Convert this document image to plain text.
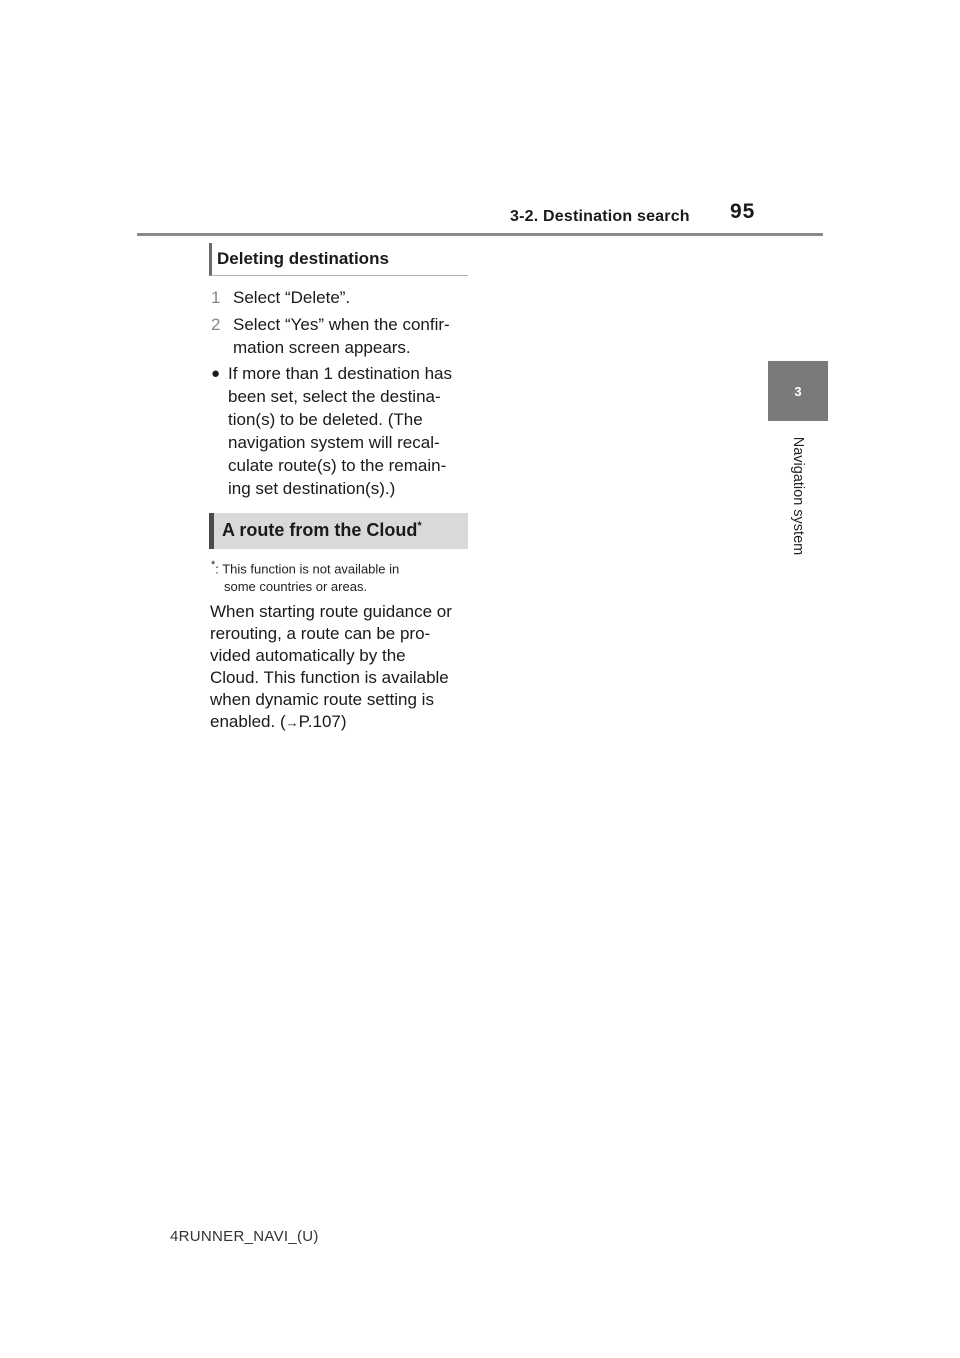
3-2. Destination search 95
3
Navigation system
Deleting destinations
1 Select “Delete”.
2 Select “Yes” when the confir-
mation screen appears.
● If more than 1 destination has
been set, select the destina-
tion(s) to be deleted. (The
navigation system will recal-
culate route(s) to the remain-
ing set destination(s).)
A route from the Cloud*
*: This function is not available in
some countries or areas.
When starting route guidance or
rerouting, a route can be pro-
vided automatically by the
Cloud. This function is available
when dynamic route setting is
enabled. (→P.107)
4RUNNER_NAVI_(U)
